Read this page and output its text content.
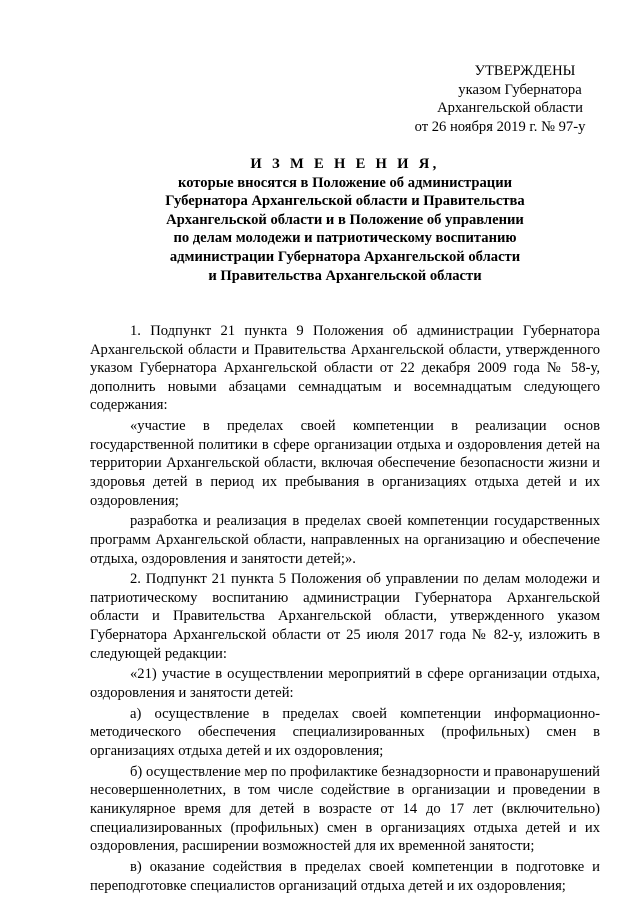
УТВЕРЖДЕНЫ
указом Губернатора
Архангельской области
от 26 ноября 2019 г. № 97-у
И З М Е Н Е Н И Я,
которые вносятся в Положение об администрации
Губернатора Архангельской области и Правительства
Архангельской области и в Положение об управлении
по делам молодежи и патриотическому воспитанию
администрации Губернатора Архангельской области
и Правительства Архангельской области

1. Подпункт 21 пункта 9 Положения об администрации Губернатора Архангельской области и Правительства Архангельской области, утвержденного указом Губернатора Архангельской области от 22 декабря 2009 года № 58-у, дополнить новыми абзацами семнадцатым и восемнадцатым следующего содержания:

«участие в пределах своей компетенции в реализации основ государственной политики в сфере организации отдыха и оздоровления детей на территории Архангельской области, включая обеспечение безопасности жизни и здоровья детей в период их пребывания в организациях отдыха детей и их оздоровления;

разработка и реализация в пределах своей компетенции государственных программ Архангельской области, направленных на организацию и обеспечение отдыха, оздоровления и занятости детей;».

2. Подпункт 21 пункта 5 Положения об управлении по делам молодежи и патриотическому воспитанию администрации Губернатора Архангельской области и Правительства Архангельской области, утвержденного указом Губернатора Архангельской области от 25 июля 2017 года № 82-у, изложить в следующей редакции:

«21) участие в осуществлении мероприятий в сфере организации отдыха, оздоровления и занятости детей:

а) осуществление в пределах своей компетенции информационно-методического обеспечения специализированных (профильных) смен в организациях отдыха детей и их оздоровления;

б) осуществление мер по профилактике безнадзорности и правонарушений несовершеннолетних, в том числе содействие в организации и проведении в каникулярное время для детей в возрасте от 14 до 17 лет (включительно) специализированных (профильных) смен в организациях отдыха детей и их оздоровления, расширении возможностей для их временной занятости;

в) оказание содействия в пределах своей компетенции в подготовке и переподготовке специалистов организаций отдыха детей и их оздоровления;
